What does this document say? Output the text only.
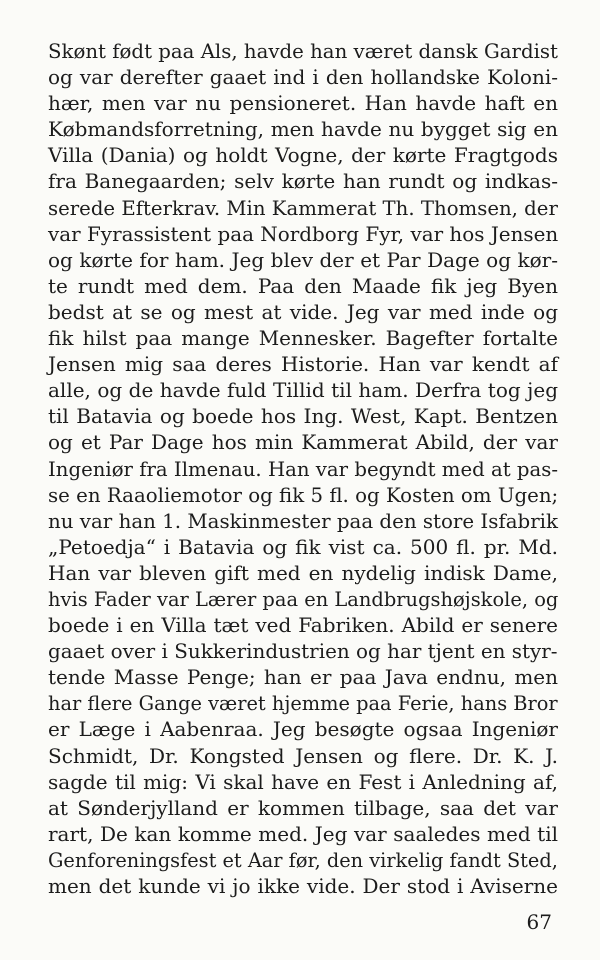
Skønt født paa Als, havde han været dansk Gardist
og var derefter gaaet ind i den hollandske Koloni-
hær, men var nu pensioneret. Han havde haft en
Købmandsforretning, men havde nu bygget sig en
Villa (Dania) og holdt Vogne, der kørte Fragtgods
fra Banegaarden; selv kørte han rundt og indkas-
serede Efterkrav. Min Kammerat Th. Thomsen, der
var Fyrassistent paa Nordborg Fyr, var hos Jensen
og kørte for ham. Jeg blev der et Par Dage og kør-
te rundt med dem. Paa den Maade fik jeg Byen
bedst at se og mest at vide. Jeg var med inde og
fik hilst paa mange Mennesker. Bagefter fortalte
Jensen mig saa deres Historie. Han var kendt af
alle, og de havde fuld Tillid til ham. Derfra tog jeg
til Batavia og boede hos Ing. West, Kapt. Bentzen
og et Par Dage hos min Kammerat Abild, der var
Ingeniør fra Ilmenau. Han var begyndt med at pas-
se en Raaoliemotor og fik 5 fl. og Kosten om Ugen;
nu var han 1. Maskinmester paa den store Isfabrik
„Petoedja“ i Batavia og fik vist ca. 500 fl. pr. Md.
Han var bleven gift med en nydelig indisk Dame,
hvis Fader var Lærer paa en Landbrugshøjskole, og
boede i en Villa tæt ved Fabriken. Abild er senere
gaaet over i Sukkerindustrien og har tjent en styr-
tende Masse Penge; han er paa Java endnu, men
har flere Gange været hjemme paa Ferie, hans Bror
er Læge i Aabenraa. Jeg besøgte ogsaa Ingeniør
Schmidt, Dr. Kongsted Jensen og flere. Dr. K. J.
sagde til mig: Vi skal have en Fest i Anledning af,
at Sønderjylland er kommen tilbage, saa det var
rart, De kan komme med. Jeg var saaledes med til
Genforeningsfest et Aar før, den virkelig fandt Sted,
men det kunde vi jo ikke vide. Der stod i Aviserne
67
